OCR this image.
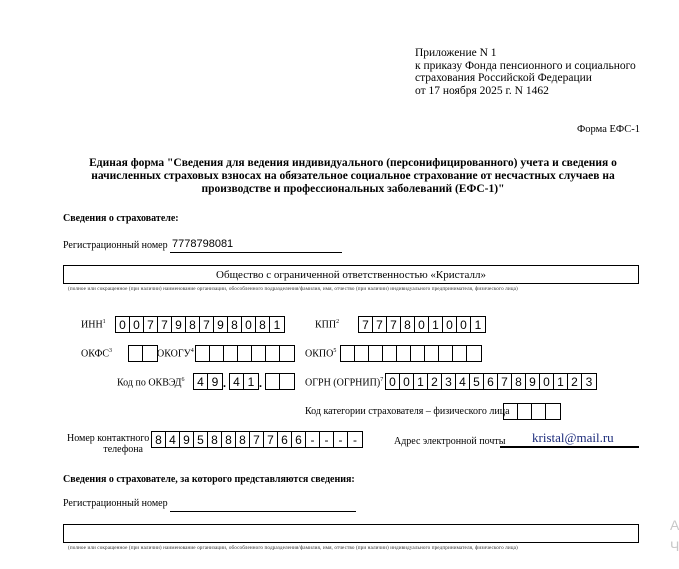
Приложение N 1
к приказу Фонда пенсионного и социального
страхования Российской Федерации
от 17 ноября 2025 г. N 1462
Форма ЕФС-1
Единая форма "Сведения для ведения индивидуального (персонифицированного) учета и сведения о начисленных страховых взносах на обязательное социальное страхование от несчастных случаев на производстве и профессиональных заболеваний (ЕФС-1)"
Сведения о страхователе:
Регистрационный номер 7778798081
Общество с ограниченной ответственностью «Кристалл»
(полное или сокращенное (при наличии) наименование организации, обособленного подразделения/фамилия, имя, отчество (при наличии) индивидуального предпринимателя, физического лица)
ИНН$^1$ 0 0 7 7 9 8 7 9 8 0 8 1	КПП$^2$ 7 7 7 8 0 1 0 0 1
ОКФС$^3$	ОКОГУ$^4$	ОКПО$^5$
Код по ОКВЭД$^6$ 4 9 . 4 1 .	ОГРН (ОГРНИП)$^7$ 0 0 1 2 3 4 5 6 7 8 9 0 1 2 3
Код категории страхователя – физического лица
Номер контактного
телефона
8 4 9 5 8 8 8 7 7 6 6 - - - -	Адрес электронной почты kristal@mail.ru
Сведения о страхователе, за которого представляются сведения:
Регистрационный номер
(полное или сокращенное (при наличии) наименование организации, обособленного подразделения/фамилия, имя, отчество (при наличии) индивидуального предпринимателя, физического лица)
А
Ч
